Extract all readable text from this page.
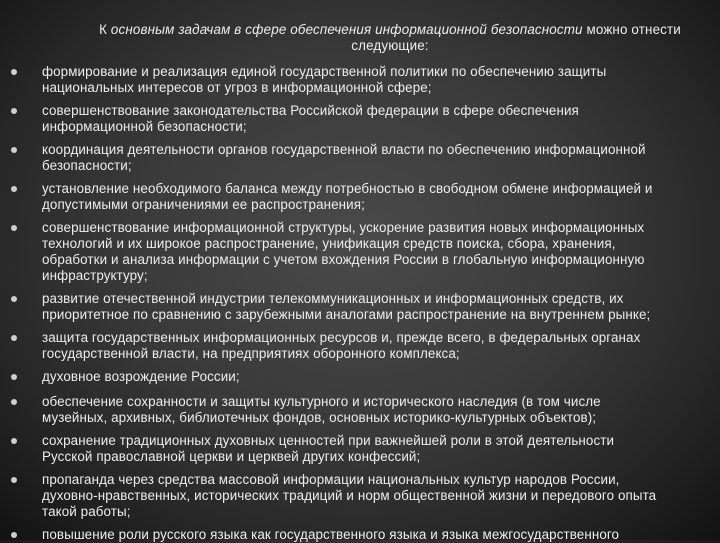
К основным задачам в сфере обеспечения информационной безопасности можно отнести
следующие:
формирование и реализация единой государственной политики по обеспечению защиты
национальных интересов от угроз в информационной сфере;
совершенствование законодательства Российской федерации в сфере обеспечения
информационной безопасности;
координация деятельности органов государственной власти по обеспечению информационной
безопасности;
установление необходимого баланса между потребностью в свободном обмене информацией и
допустимыми ограничениями ее распространения;
совершенствование информационной структуры, ускорение развития новых информационных
технологий и их широкое распространение, унификация средств поиска, сбора, хранения,
обработки и анализа информации с учетом вхождения России в глобальную информационную
инфраструктуру;
развитие отечественной индустрии телекоммуникационных и информационных средств, их
приоритетное по сравнению с зарубежными аналогами распространение на внутреннем рынке;
защита государственных информационных ресурсов и, прежде всего, в федеральных органах
государственной власти, на предприятиях оборонного комплекса;
духовное возрождение России;
обеспечение сохранности и защиты культурного и исторического наследия (в том числе
музейных, архивных, библиотечных фондов, основных историко-культурных объектов);
сохранение традиционных духовных ценностей при важнейшей роли в этой деятельности
Русской православной церкви и церквей других конфессий;
пропаганда через средства массовой информации национальных культур народов России,
духовно-нравственных, исторических традиций и норм общественной жизни и передового опыта
такой работы;
повышение роли русского языка как государственного языка и языка межгосударственного
